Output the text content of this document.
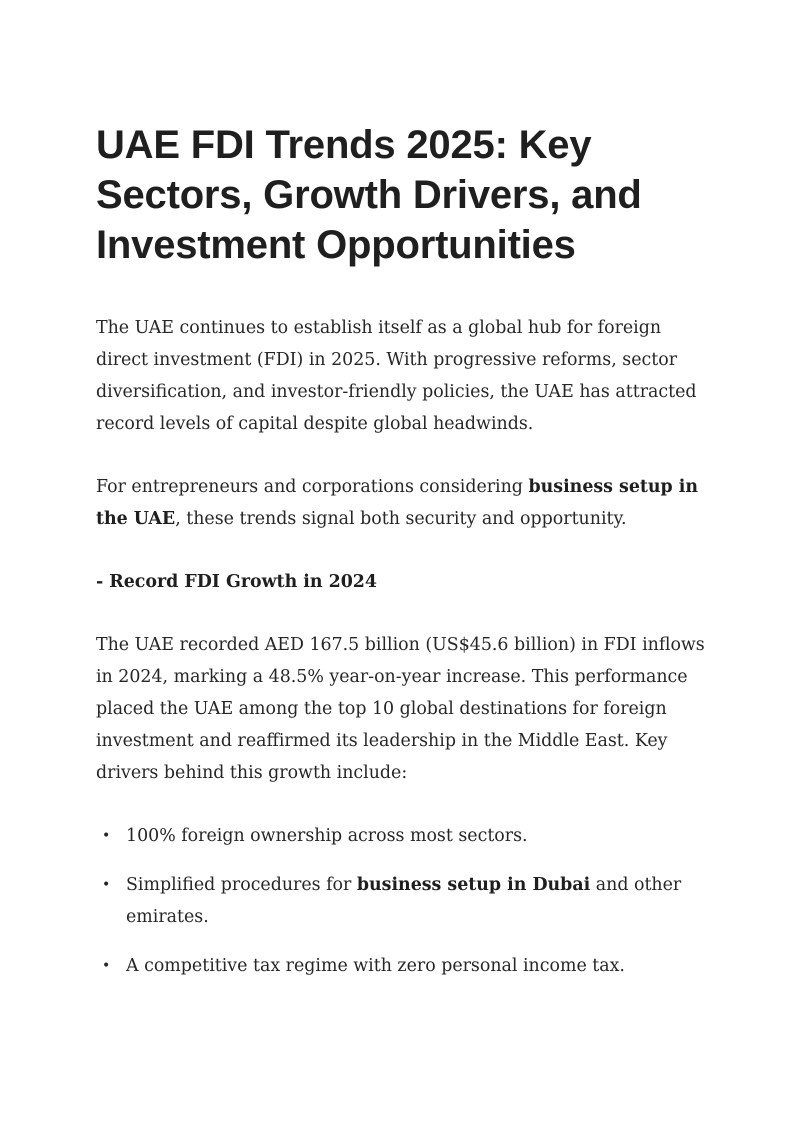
UAE FDI Trends 2025: Key Sectors, Growth Drivers, and Investment Opportunities

The UAE continues to establish itself as a global hub for foreign direct investment (FDI) in 2025. With progressive reforms, sector diversification, and investor-friendly policies, the UAE has attracted record levels of capital despite global headwinds.

For entrepreneurs and corporations considering business setup in the UAE, these trends signal both security and opportunity.

- Record FDI Growth in 2024

The UAE recorded AED 167.5 billion (US$45.6 billion) in FDI inflows in 2024, marking a 48.5% year-on-year increase. This performance placed the UAE among the top 10 global destinations for foreign investment and reaffirmed its leadership in the Middle East. Key drivers behind this growth include:

• 100% foreign ownership across most sectors.
• Simplified procedures for business setup in Dubai and other emirates.
• A competitive tax regime with zero personal income tax.
